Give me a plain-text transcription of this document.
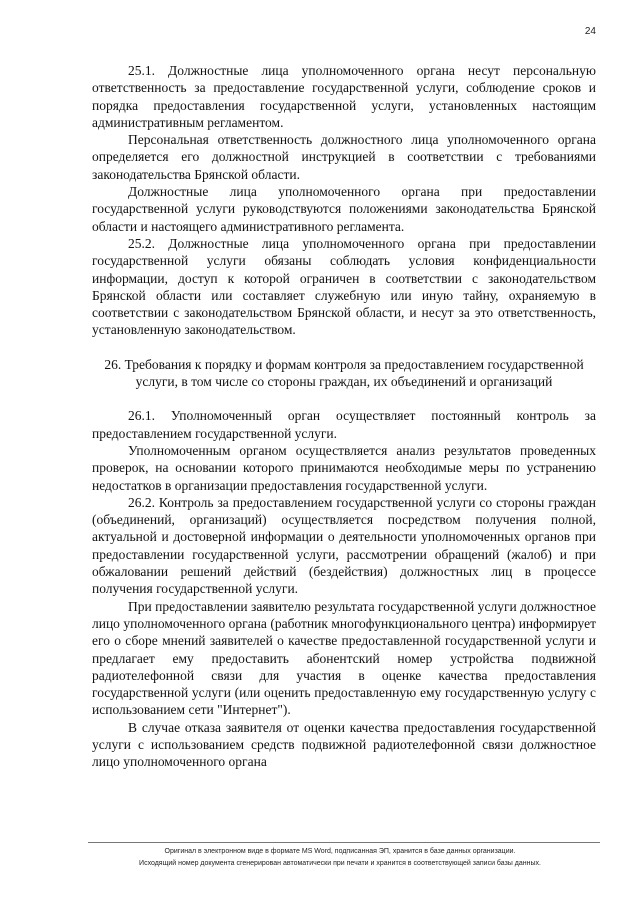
24

25.1. Должностные лица уполномоченного органа несут персональную ответственность за предоставление государственной услуги, соблюдение сроков и порядка предоставления государственной услуги, установленных настоящим административным регламентом.

Персональная ответственность должностного лица уполномоченного органа определяется его должностной инструкцией в соответствии с требованиями законодательства Брянской области.

Должностные лица уполномоченного органа при предоставлении государственной услуги руководствуются положениями законодательства Брянской области и настоящего административного регламента.

25.2. Должностные лица уполномоченного органа при предоставлении государственной услуги обязаны соблюдать условия конфиденциальности информации, доступ к которой ограничен в соответствии с законодательством Брянской области или составляет служебную или иную тайну, охраняемую в соответствии с законодательством Брянской области, и несут за это ответственность, установленную законодательством.

26. Требования к порядку и формам контроля за предоставлением государственной услуги, в том числе со стороны граждан, их объединений и организаций

26.1. Уполномоченный орган осуществляет постоянный контроль за предоставлением государственной услуги.

Уполномоченным органом осуществляется анализ результатов проведенных проверок, на основании которого принимаются необходимые меры по устранению недостатков в организации предоставления государственной услуги.

26.2. Контроль за предоставлением государственной услуги со стороны граждан (объединений, организаций) осуществляется посредством получения полной, актуальной и достоверной информации о деятельности уполномоченных органов при предоставлении государственной услуги, рассмотрении обращений (жалоб) и при обжаловании решений действий (бездействия) должностных лиц в процессе получения государственной услуги.

При предоставлении заявителю результата государственной услуги должностное лицо уполномоченного органа (работник многофункционального центра) информирует его о сборе мнений заявителей о качестве предоставленной государственной услуги и предлагает ему предоставить абонентский номер устройства подвижной радиотелефонной связи для участия в оценке качества предоставления государственной услуги (или оценить предоставленную ему государственную услугу с использованием сети "Интернет").

В случае отказа заявителя от оценки качества предоставления государственной услуги с использованием средств подвижной радиотелефонной связи должностное лицо уполномоченного органа

Оригинал в электронном виде в формате MS Word, подписанная ЭП, хранится в базе данных организации.
Исходящий номер документа сгенерирован автоматически при печати и хранится в соответствующей записи базы данных.
